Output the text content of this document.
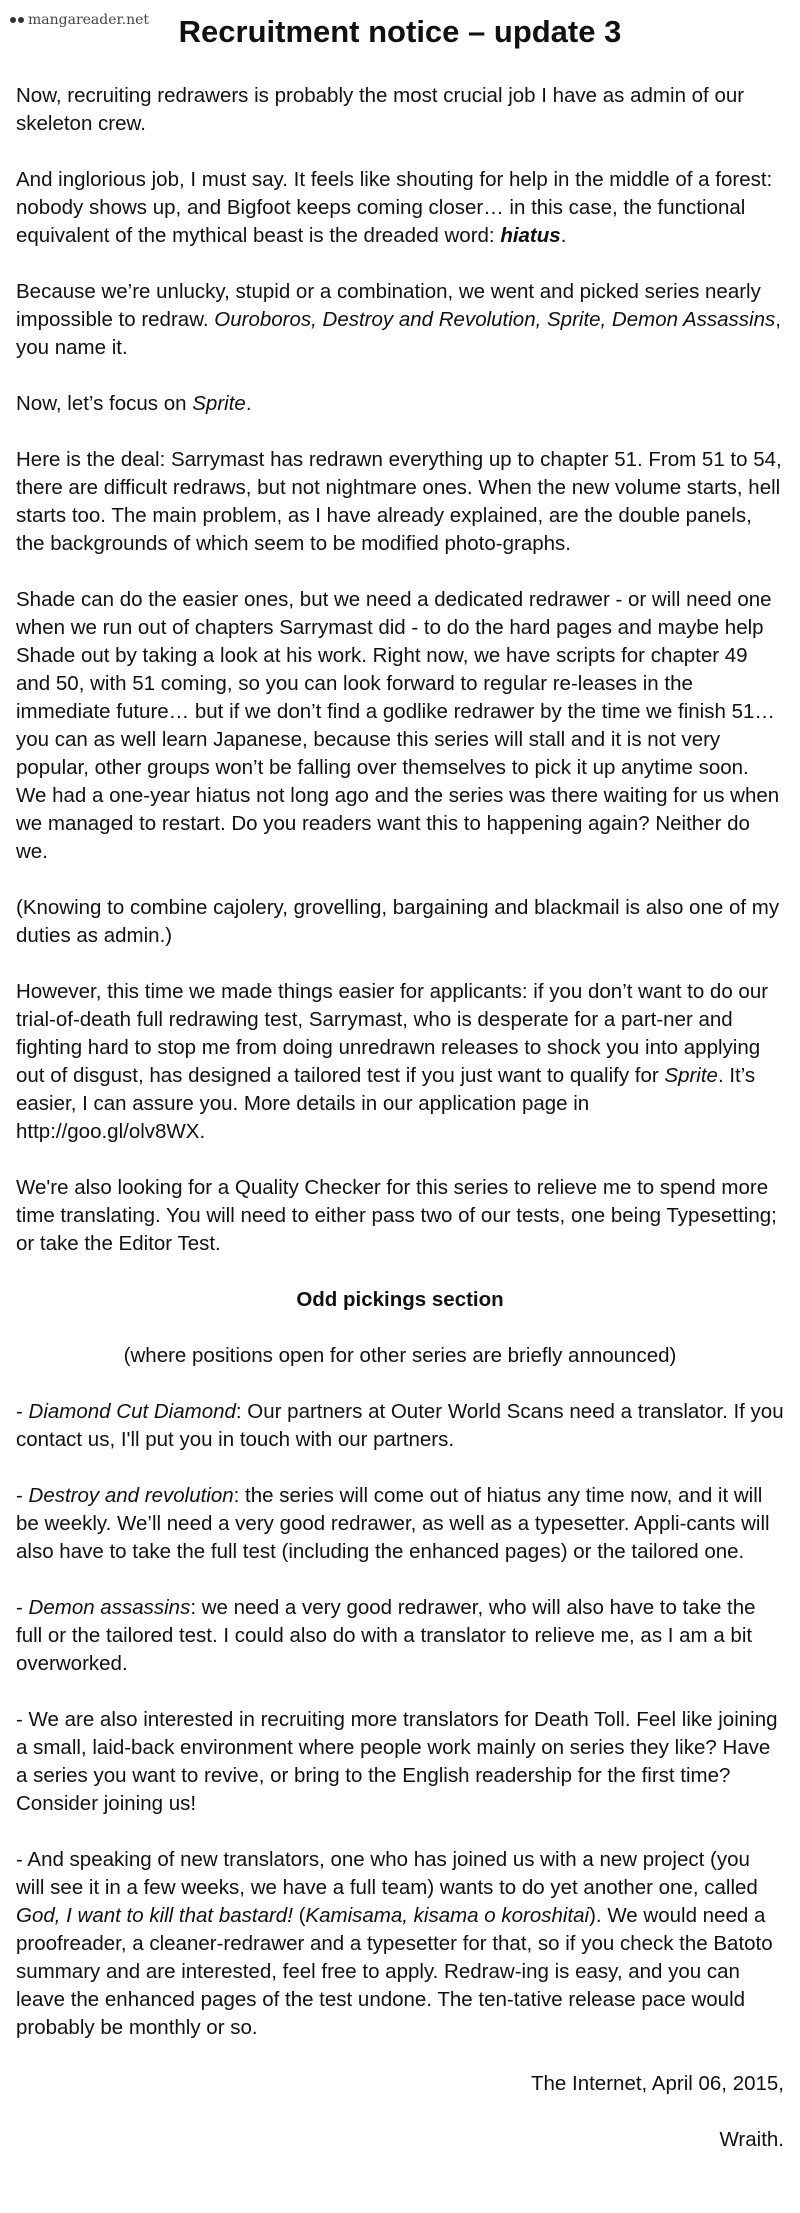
mangareader.net Recruitment notice – update 3

Now, recruiting redrawers is probably the most crucial job I have as admin of our skeleton crew.

And inglorious job, I must say. It feels like shouting for help in the middle of a forest: nobody shows up, and Bigfoot keeps coming closer… in this case, the functional equivalent of the mythical beast is the dreaded word: hiatus.

Because we’re unlucky, stupid or a combination, we went and picked series nearly impossible to redraw. Ouroboros, Destroy and Revolution, Sprite, Demon Assassins, you name it.

Now, let’s focus on Sprite.

Here is the deal: Sarrymast has redrawn everything up to chapter 51. From 51 to 54, there are difficult redraws, but not nightmare ones. When the new volume starts, hell starts too. The main problem, as I have already explained, are the double panels, the backgrounds of which seem to be modified photo-graphs.

Shade can do the easier ones, but we need a dedicated redrawer - or will need one when we run out of chapters Sarrymast did - to do the hard pages and maybe help Shade out by taking a look at his work. Right now, we have scripts for chapter 49 and 50, with 51 coming, so you can look forward to regular re-leases in the immediate future… but if we don’t find a godlike redrawer by the time we finish 51… you can as well learn Japanese, because this series will stall and it is not very popular, other groups won’t be falling over themselves to pick it up anytime soon. We had a one-year hiatus not long ago and the series was there waiting for us when we managed to restart. Do you readers want this to happening again? Neither do we.

(Knowing to combine cajolery, grovelling, bargaining and blackmail is also one of my duties as admin.)

However, this time we made things easier for applicants: if you don’t want to do our trial-of-death full redrawing test, Sarrymast, who is desperate for a part-ner and fighting hard to stop me from doing unredrawn releases to shock you into applying out of disgust, has designed a tailored test if you just want to qualify for Sprite. It’s easier, I can assure you. More details in our application page in http://goo.gl/olv8WX.

We're also looking for a Quality Checker for this series to relieve me to spend more time translating. You will need to either pass two of our tests, one being Typesetting; or take the Editor Test.

Odd pickings section

(where positions open for other series are briefly announced)

- Diamond Cut Diamond: Our partners at Outer World Scans need a translator. If you contact us, I'll put you in touch with our partners.

- Destroy and revolution: the series will come out of hiatus any time now, and it will be weekly. We’ll need a very good redrawer, as well as a typesetter. Appli-cants will also have to take the full test (including the enhanced pages) or the tailored one.

- Demon assassins: we need a very good redrawer, who will also have to take the full or the tailored test. I could also do with a translator to relieve me, as I am a bit overworked.

- We are also interested in recruiting more translators for Death Toll. Feel like joining a small, laid-back environment where people work mainly on series they like? Have a series you want to revive, or bring to the English readership for the first time? Consider joining us!

- And speaking of new translators, one who has joined us with a new project (you will see it in a few weeks, we have a full team) wants to do yet another one, called God, I want to kill that bastard! (Kamisama, kisama o koroshitai). We would need a proofreader, a cleaner-redrawer and a typesetter for that, so if you check the Batoto summary and are interested, feel free to apply. Redraw-ing is easy, and you can leave the enhanced pages of the test undone. The ten-tative release pace would probably be monthly or so.

The Internet, April 06, 2015,

Wraith.
